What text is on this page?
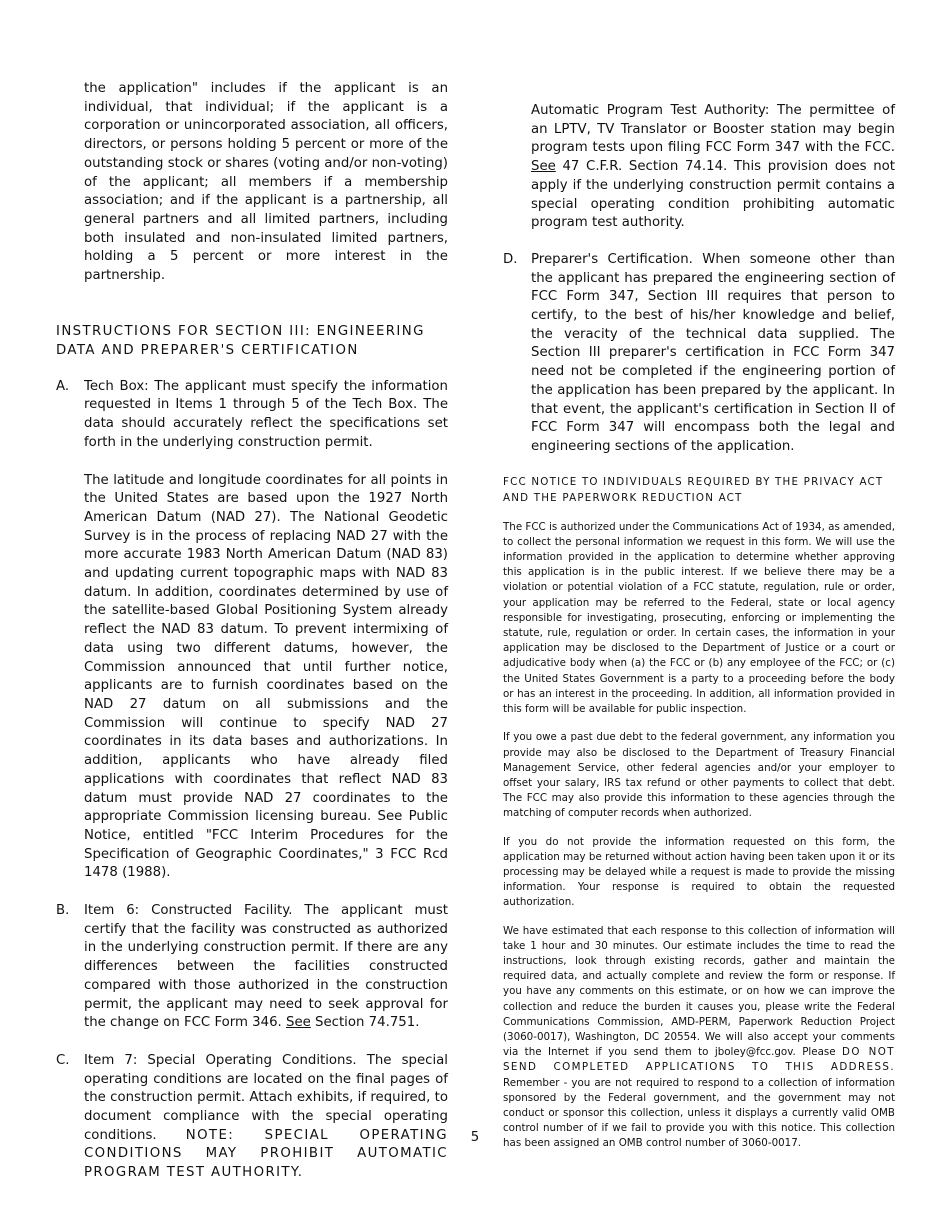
the application" includes if the applicant is an individual, that individual; if the applicant is a corporation or unincorporated association, all officers, directors, or persons holding 5 percent or more of the outstanding stock or shares (voting and/or non-voting) of the applicant; all members if a membership association; and if the applicant is a partnership, all general partners and all limited partners, including both insulated and non-insulated limited partners, holding a 5 percent or more interest in the partnership.

INSTRUCTIONS FOR SECTION III: ENGINEERING DATA AND PREPARER'S CERTIFICATION

A. Tech Box: The applicant must specify the information requested in Items 1 through 5 of the Tech Box. The data should accurately reflect the specifications set forth in the underlying construction permit.

The latitude and longitude coordinates for all points in the United States are based upon the 1927 North American Datum (NAD 27). The National Geodetic Survey is in the process of replacing NAD 27 with the more accurate 1983 North American Datum (NAD 83) and updating current topographic maps with NAD 83 datum. In addition, coordinates determined by use of the satellite-based Global Positioning System already reflect the NAD 83 datum. To prevent intermixing of data using two different datums, however, the Commission announced that until further notice, applicants are to furnish coordinates based on the NAD 27 datum on all submissions and the Commission will continue to specify NAD 27 coordinates in its data bases and authorizations. In addition, applicants who have already filed applications with coordinates that reflect NAD 83 datum must provide NAD 27 coordinates to the appropriate Commission licensing bureau. See Public Notice, entitled "FCC Interim Procedures for the Specification of Geographic Coordinates," 3 FCC Rcd 1478 (1988).

B. Item 6: Constructed Facility. The applicant must certify that the facility was constructed as authorized in the underlying construction permit. If there are any differences between the facilities constructed compared with those authorized in the construction permit, the applicant may need to seek approval for the change on FCC Form 346. See Section 74.751.

C. Item 7: Special Operating Conditions. The special operating conditions are located on the final pages of the construction permit. Attach exhibits, if required, to document compliance with the special operating conditions. NOTE: SPECIAL OPERATING CONDITIONS MAY PROHIBIT AUTOMATIC PROGRAM TEST AUTHORITY.

Automatic Program Test Authority: The permittee of an LPTV, TV Translator or Booster station may begin program tests upon filing FCC Form 347 with the FCC. See 47 C.F.R. Section 74.14. This provision does not apply if the underlying construction permit contains a special operating condition prohibiting automatic program test authority.

D. Preparer's Certification. When someone other than the applicant has prepared the engineering section of FCC Form 347, Section III requires that person to certify, to the best of his/her knowledge and belief, the veracity of the technical data supplied. The Section III preparer's certification in FCC Form 347 need not be completed if the engineering portion of the application has been prepared by the applicant. In that event, the applicant's certification in Section II of FCC Form 347 will encompass both the legal and engineering sections of the application.

FCC NOTICE TO INDIVIDUALS REQUIRED BY THE PRIVACY ACT AND THE PAPERWORK REDUCTION ACT

The FCC is authorized under the Communications Act of 1934, as amended, to collect the personal information we request in this form. We will use the information provided in the application to determine whether approving this application is in the public interest. If we believe there may be a violation or potential violation of a FCC statute, regulation, rule or order, your application may be referred to the Federal, state or local agency responsible for investigating, prosecuting, enforcing or implementing the statute, rule, regulation or order. In certain cases, the information in your application may be disclosed to the Department of Justice or a court or adjudicative body when (a) the FCC or (b) any employee of the FCC; or (c) the United States Government is a party to a proceeding before the body or has an interest in the proceeding. In addition, all information provided in this form will be available for public inspection.

If you owe a past due debt to the federal government, any information you provide may also be disclosed to the Department of Treasury Financial Management Service, other federal agencies and/or your employer to offset your salary, IRS tax refund or other payments to collect that debt. The FCC may also provide this information to these agencies through the matching of computer records when authorized.

If you do not provide the information requested on this form, the application may be returned without action having been taken upon it or its processing may be delayed while a request is made to provide the missing information. Your response is required to obtain the requested authorization.

We have estimated that each response to this collection of information will take 1 hour and 30 minutes. Our estimate includes the time to read the instructions, look through existing records, gather and maintain the required data, and actually complete and review the form or response. If you have any comments on this estimate, or on how we can improve the collection and reduce the burden it causes you, please write the Federal Communications Commission, AMD-PERM, Paperwork Reduction Project (3060-0017), Washington, DC 20554. We will also accept your comments via the Internet if you send them to jboley@fcc.gov. Please DO NOT SEND COMPLETED APPLICATIONS TO THIS ADDRESS. Remember - you are not required to respond to a collection of information sponsored by the Federal government, and the government may not conduct or sponsor this collection, unless it displays a currently valid OMB control number of if we fail to provide you with this notice. This collection has been assigned an OMB control number of 3060-0017.

5
